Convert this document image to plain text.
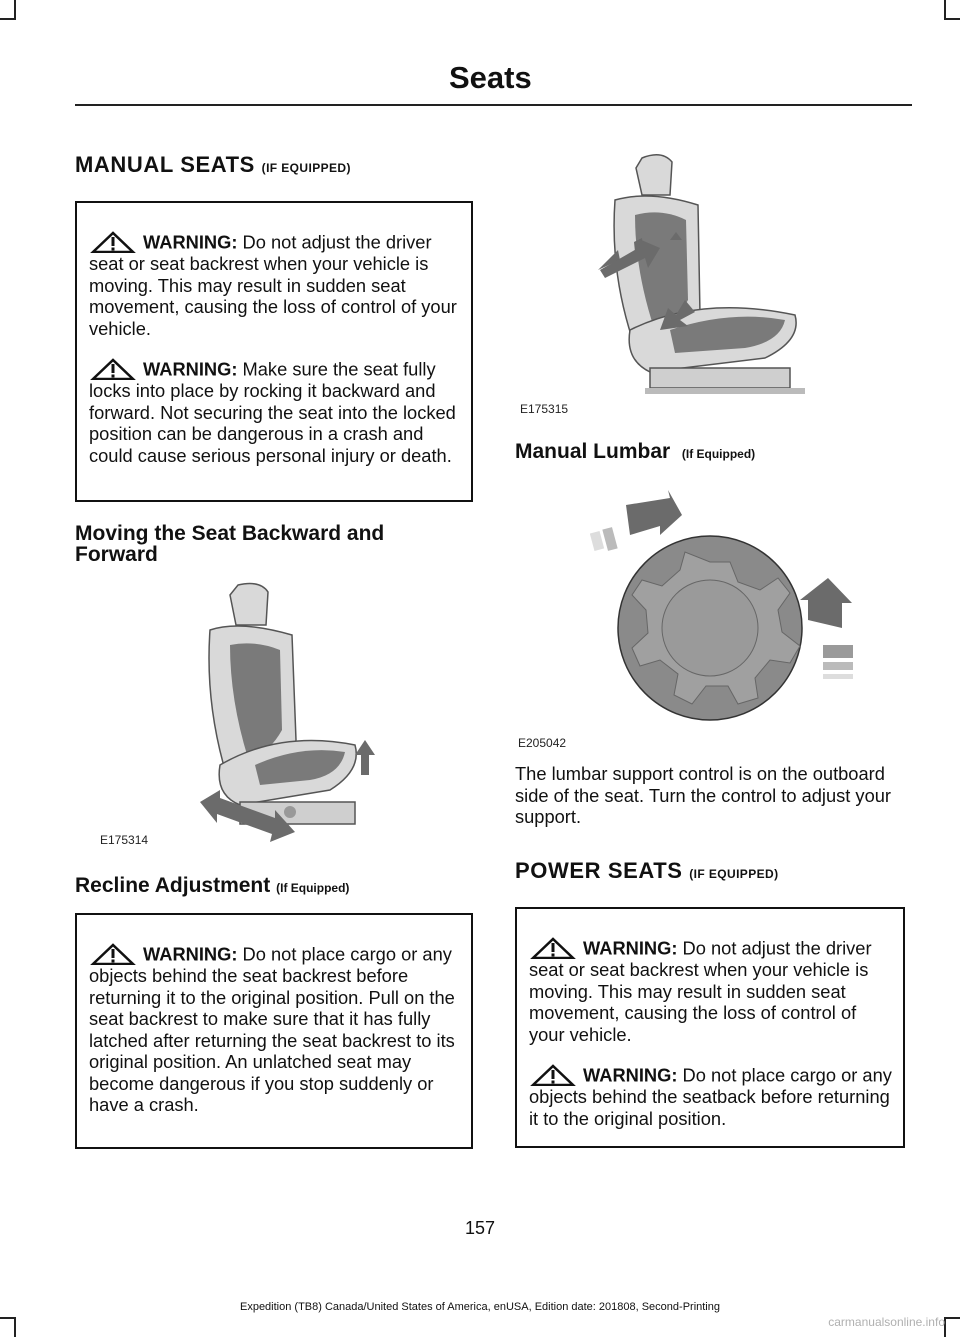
Seats
MANUAL SEATS (IF EQUIPPED)

WARNING: Do not adjust the driver seat or seat backrest when your vehicle is moving. This may result in sudden seat movement, causing the loss of control of your vehicle.

WARNING: Make sure the seat fully locks into place by rocking it backward and forward. Not securing the seat into the locked position can be dangerous in a crash and could cause serious personal injury or death.

Moving the Seat Backward and Forward
E175314
Recline Adjustment (If Equipped)

WARNING: Do not place cargo or any objects behind the seat backrest before returning it to the original position. Pull on the seat backrest to make sure that it has fully latched after returning the seat backrest to its original position. An unlatched seat may become dangerous if you stop suddenly or have a crash.

E175315
Manual Lumbar (If Equipped)
E205042
The lumbar support control is on the outboard side of the seat. Turn the control to adjust your support.
POWER SEATS (IF EQUIPPED)

WARNING: Do not adjust the driver seat or seat backrest when your vehicle is moving. This may result in sudden seat movement, causing the loss of control of your vehicle.

WARNING: Do not place cargo or any objects behind the seatback before returning it to the original position.

157
Expedition (TB8) Canada/United States of America, enUSA, Edition date: 201808, Second-Printing
carmanualsonline.info
